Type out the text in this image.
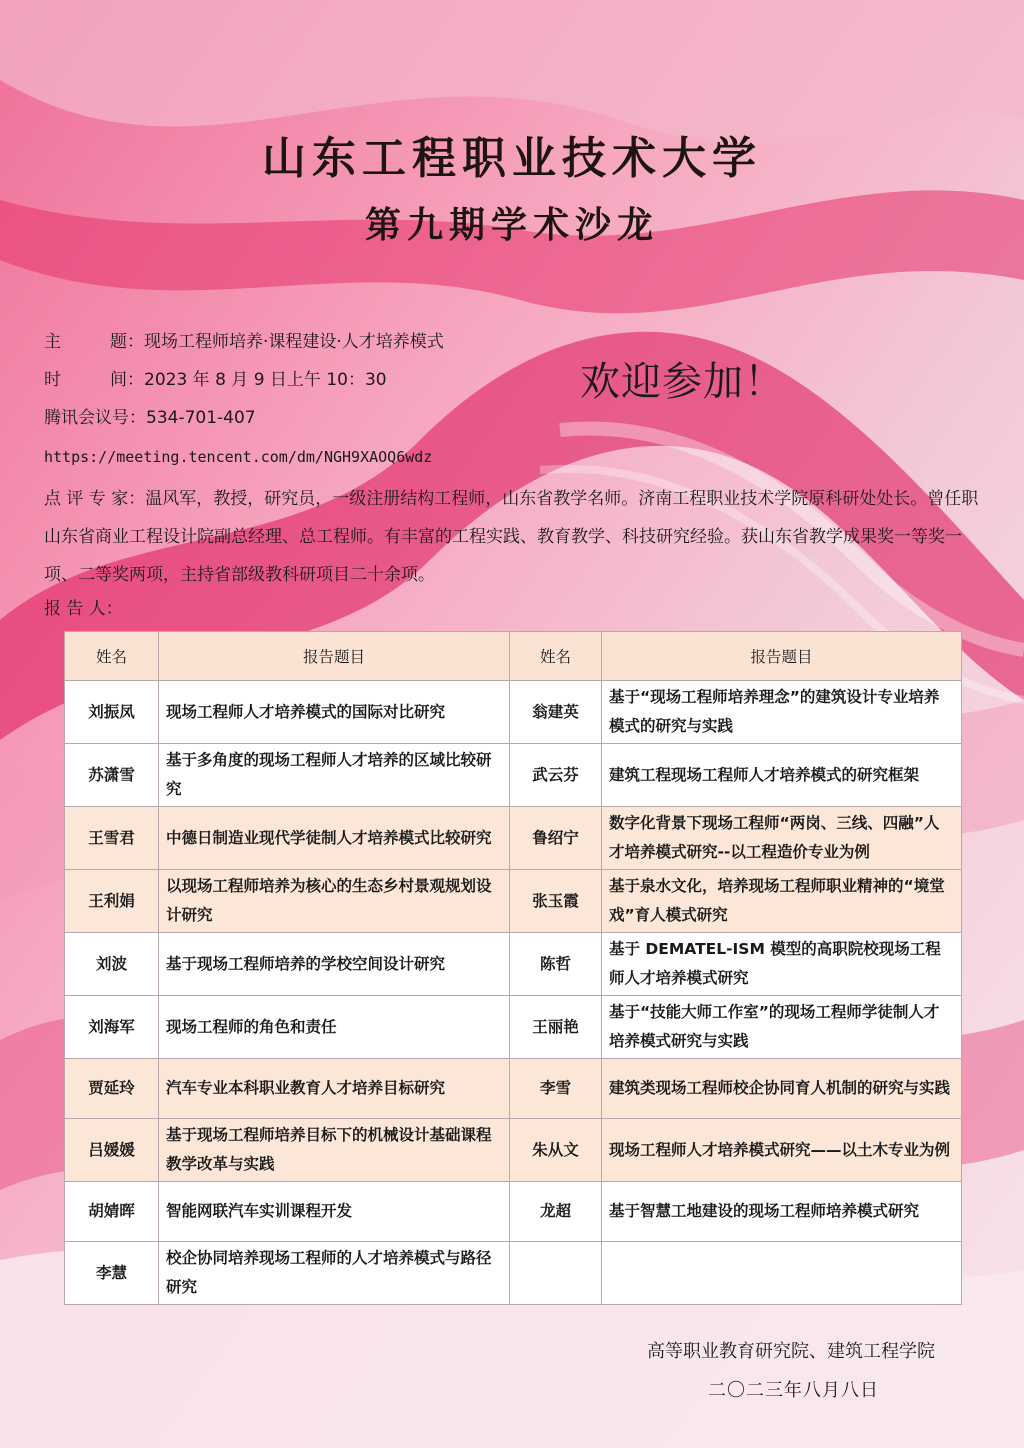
山东工程职业技术大学
第九期学术沙龙
欢迎参加！
主	题： 现场工程师培养·课程建设·人才培养模式
时	间： 2023 年 8 月 9 日上午 10：30
腾讯会议号：534-701-407
https://meeting.tencent.com/dm/NGH9XAOQ6wdz
点 评 专 家：温风军，教授，研究员，一级注册结构工程师，山东省教学名师。济南工程职业技术学院原科研处处长。曾任职山东省商业工程设计院副总经理、总工程师。有丰富的工程实践、教育教学、科技研究经验。获山东省教学成果奖一等奖一项、二等奖两项，主持省部级教科研项目二十余项。
报 告 人：
姓名	报告题目	姓名	报告题目
刘振凤	现场工程师人才培养模式的国际对比研究	翁建英	基于“现场工程师培养理念”的建筑设计专业培养模式的研究与实践
苏潇雪	基于多角度的现场工程师人才培养的区域比较研究	武云芬	建筑工程现场工程师人才培养模式的研究框架
王雪君	中德日制造业现代学徒制人才培养模式比较研究	鲁绍宁	数字化背景下现场工程师“两岗、三线、四融”人才培养模式研究--以工程造价专业为例
王利娟	以现场工程师培养为核心的生态乡村景观规划设计研究	张玉霞	基于泉水文化，培养现场工程师职业精神的“境堂戏”育人模式研究
刘波	基于现场工程师培养的学校空间设计研究	陈哲	基于 DEMATEL-ISM 模型的高职院校现场工程师人才培养模式研究
刘海军	现场工程师的角色和责任	王丽艳	基于“技能大师工作室”的现场工程师学徒制人才培养模式研究与实践
贾延玲	汽车专业本科职业教育人才培养目标研究	李雪	建筑类现场工程师校企协同育人机制的研究与实践
吕媛媛	基于现场工程师培养目标下的机械设计基础课程教学改革与实践	朱从文	现场工程师人才培养模式研究——以土木专业为例
胡婧晖	智能网联汽车实训课程开发	龙超	基于智慧工地建设的现场工程师培养模式研究
李慧	校企协同培养现场工程师的人才培养模式与路径研究		
高等职业教育研究院、建筑工程学院
二〇二三年八月八日
